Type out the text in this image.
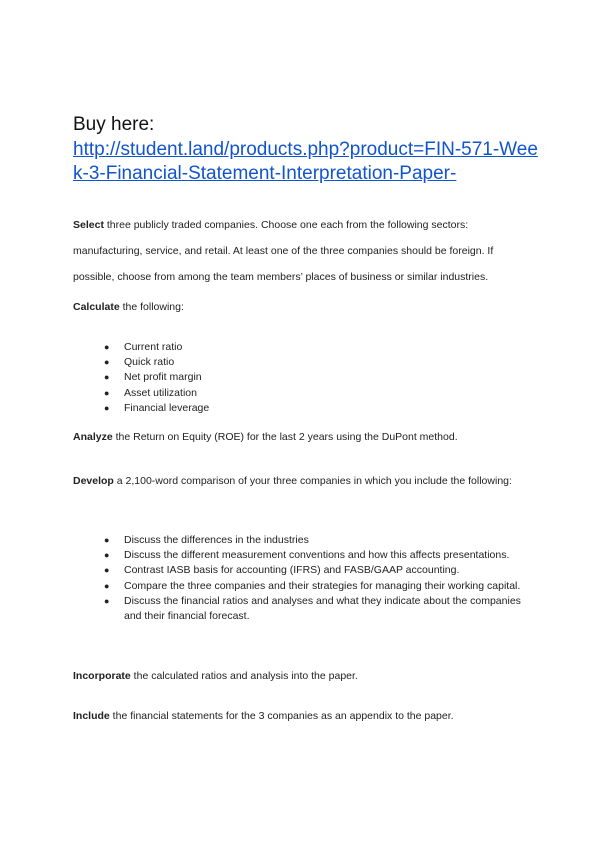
Buy here:

http://student.land/products.php?product=FIN-571-Week-3-Financial-Statement-Interpretation-Paper-

Select three publicly traded companies. Choose one each from the following sectors: manufacturing, service, and retail. At least one of the three companies should be foreign. If possible, choose from among the team members’ places of business or similar industries.

Calculate the following:

● Current ratio
● Quick ratio
● Net profit margin
● Asset utilization
● Financial leverage

Analyze the Return on Equity (ROE) for the last 2 years using the DuPont method.

Develop a 2,100-word comparison of your three companies in which you include the following:

● Discuss the differences in the industries
● Discuss the different measurement conventions and how this affects presentations.
● Contrast IASB basis for accounting (IFRS) and FASB/GAAP accounting.
● Compare the three companies and their strategies for managing their working capital.
● Discuss the financial ratios and analyses and what they indicate about the companies and their financial forecast.

Incorporate the calculated ratios and analysis into the paper.

Include the financial statements for the 3 companies as an appendix to the paper.
